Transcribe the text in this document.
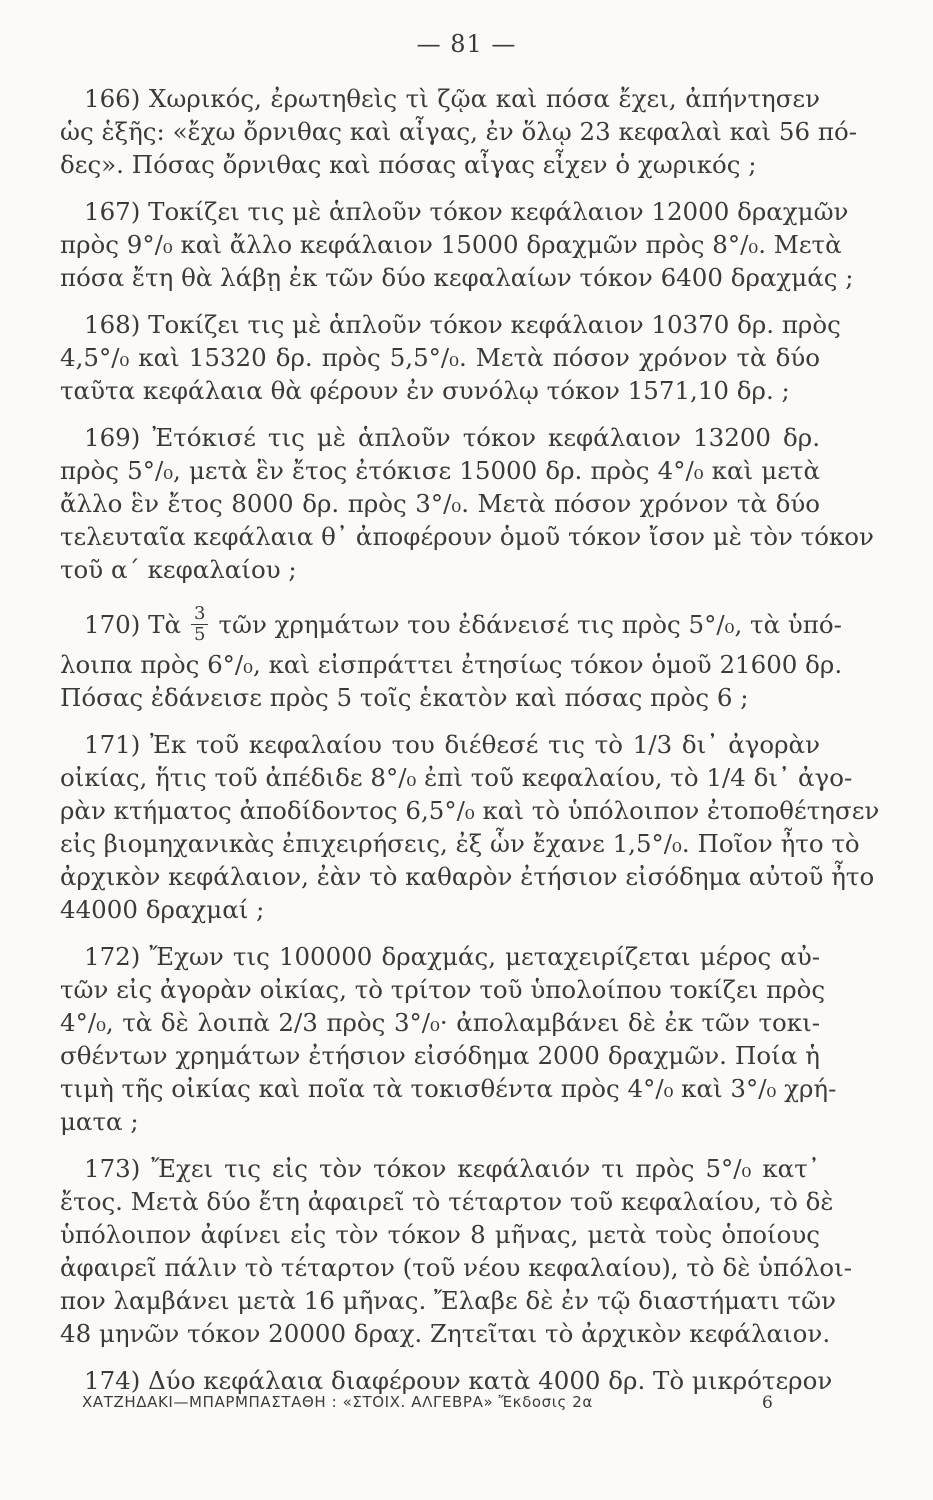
— 81 —
166) Χωρικός, ἐρωτηθεὶς τὶ ζῷα καὶ πόσα ἔχει, ἀπήντησεν
ὡς ἑξῆς: «ἔχω ὄρνιθας καὶ αἶγας, ἐν ὅλῳ 23 κεφαλαὶ καὶ 56 πό-
δες». Πόσας ὄρνιθας καὶ πόσας αἶγας εἶχεν ὁ χωρικός ;
167) Τοκίζει τις μὲ ἁπλοῦν τόκον κεφάλαιον 12000 δραχμῶν
πρὸς 9°/₀ καὶ ἄλλο κεφάλαιον 15000 δραχμῶν πρὸς 8°/₀. Μετὰ
πόσα ἔτη θὰ λάβῃ ἐκ τῶν δύο κεφαλαίων τόκον 6400 δραχμάς ;
168) Τοκίζει τις μὲ ἁπλοῦν τόκον κεφάλαιον 10370 δρ. πρὸς
4,5°/₀ καὶ 15320 δρ. πρὸς 5,5°/₀. Μετὰ πόσον χρόνον τὰ δύο
ταῦτα κεφάλαια θὰ φέρουν ἐν συνόλῳ τόκον 1571,10 δρ. ;
169) Ἐτόκισέ τις μὲ ἁπλοῦν τόκον κεφάλαιον 13200 δρ.
πρὸς 5°/₀, μετὰ ἓν ἔτος ἐτόκισε 15000 δρ. πρὸς 4°/₀ καὶ μετὰ
ἄλλο ἓν ἔτος 8000 δρ. πρὸς 3°/₀. Μετὰ πόσον χρόνον τὰ δύο
τελευταῖα κεφάλαια θ᾿ ἀποφέρουν ὁμοῦ τόκον ἴσον μὲ τὸν τόκον
τοῦ α΄ κεφαλαίου ;
170) Τὰ $\frac{3}{5}$ τῶν χρημάτων του ἐδάνεισέ τις πρὸς 5°/₀, τὰ ὑπό-
λοιπα πρὸς 6°/₀, καὶ εἰσπράττει ἐτησίως τόκον ὁμοῦ 21600 δρ.
Πόσας ἐδάνεισε πρὸς 5 τοῖς ἑκατὸν καὶ πόσας πρὸς 6 ;
171) Ἐκ τοῦ κεφαλαίου του διέθεσέ τις τὸ 1/3 δι᾿ ἀγορὰν
οἰκίας, ἥτις τοῦ ἀπέδιδε 8°/₀ ἐπὶ τοῦ κεφαλαίου, τὸ 1/4 δι᾿ ἀγο-
ρὰν κτήματος ἀποδίδοντος 6,5°/₀ καὶ τὸ ὑπόλοιπον ἐτοποθέτησεν
εἰς βιομηχανικὰς ἐπιχειρήσεις, ἐξ ὧν ἔχανε 1,5°/₀. Ποῖον ἦτο τὸ
ἀρχικὸν κεφάλαιον, ἐὰν τὸ καθαρὸν ἐτήσιον εἰσόδημα αὐτοῦ ἦτο
44000 δραχμαί ;
172) Ἔχων τις 100000 δραχμάς, μεταχειρίζεται μέρος αὐ-
τῶν εἰς ἀγορὰν οἰκίας, τὸ τρίτον τοῦ ὑπολοίπου τοκίζει πρὸς
4°/₀, τὰ δὲ λοιπὰ 2/3 πρὸς 3°/₀· ἀπολαμβάνει δὲ ἐκ τῶν τοκι-
σθέντων χρημάτων ἐτήσιον εἰσόδημα 2000 δραχμῶν. Ποία ἡ
τιμὴ τῆς οἰκίας καὶ ποῖα τὰ τοκισθέντα πρὸς 4°/₀ καὶ 3°/₀ χρή-
ματα ;
173) Ἔχει τις εἰς τὸν τόκον κεφάλαιόν τι πρὸς 5°/₀ κατ᾿
ἔτος. Μετὰ δύο ἔτη ἀφαιρεῖ τὸ τέταρτον τοῦ κεφαλαίου, τὸ δὲ
ὑπόλοιπον ἀφίνει εἰς τὸν τόκον 8 μῆνας, μετὰ τοὺς ὁποίους
ἀφαιρεῖ πάλιν τὸ τέταρτον (τοῦ νέου κεφαλαίου), τὸ δὲ ὑπόλοι-
πον λαμβάνει μετὰ 16 μῆνας. Ἔλαβε δὲ ἐν τῷ διαστήματι τῶν
48 μηνῶν τόκον 20000 δραχ. Ζητεῖται τὸ ἀρχικὸν κεφάλαιον.
174) Δύο κεφάλαια διαφέρουν κατὰ 4000 δρ. Τὸ μικρότερον
ΧΑΤΖΗΔΑΚΙ—ΜΠΑΡΜΠΑΣΤΑΘΗ : «ΣΤΟΙΧ. ΑΛΓΕΒΡΑ» Ἔκδοσις 2α	6
